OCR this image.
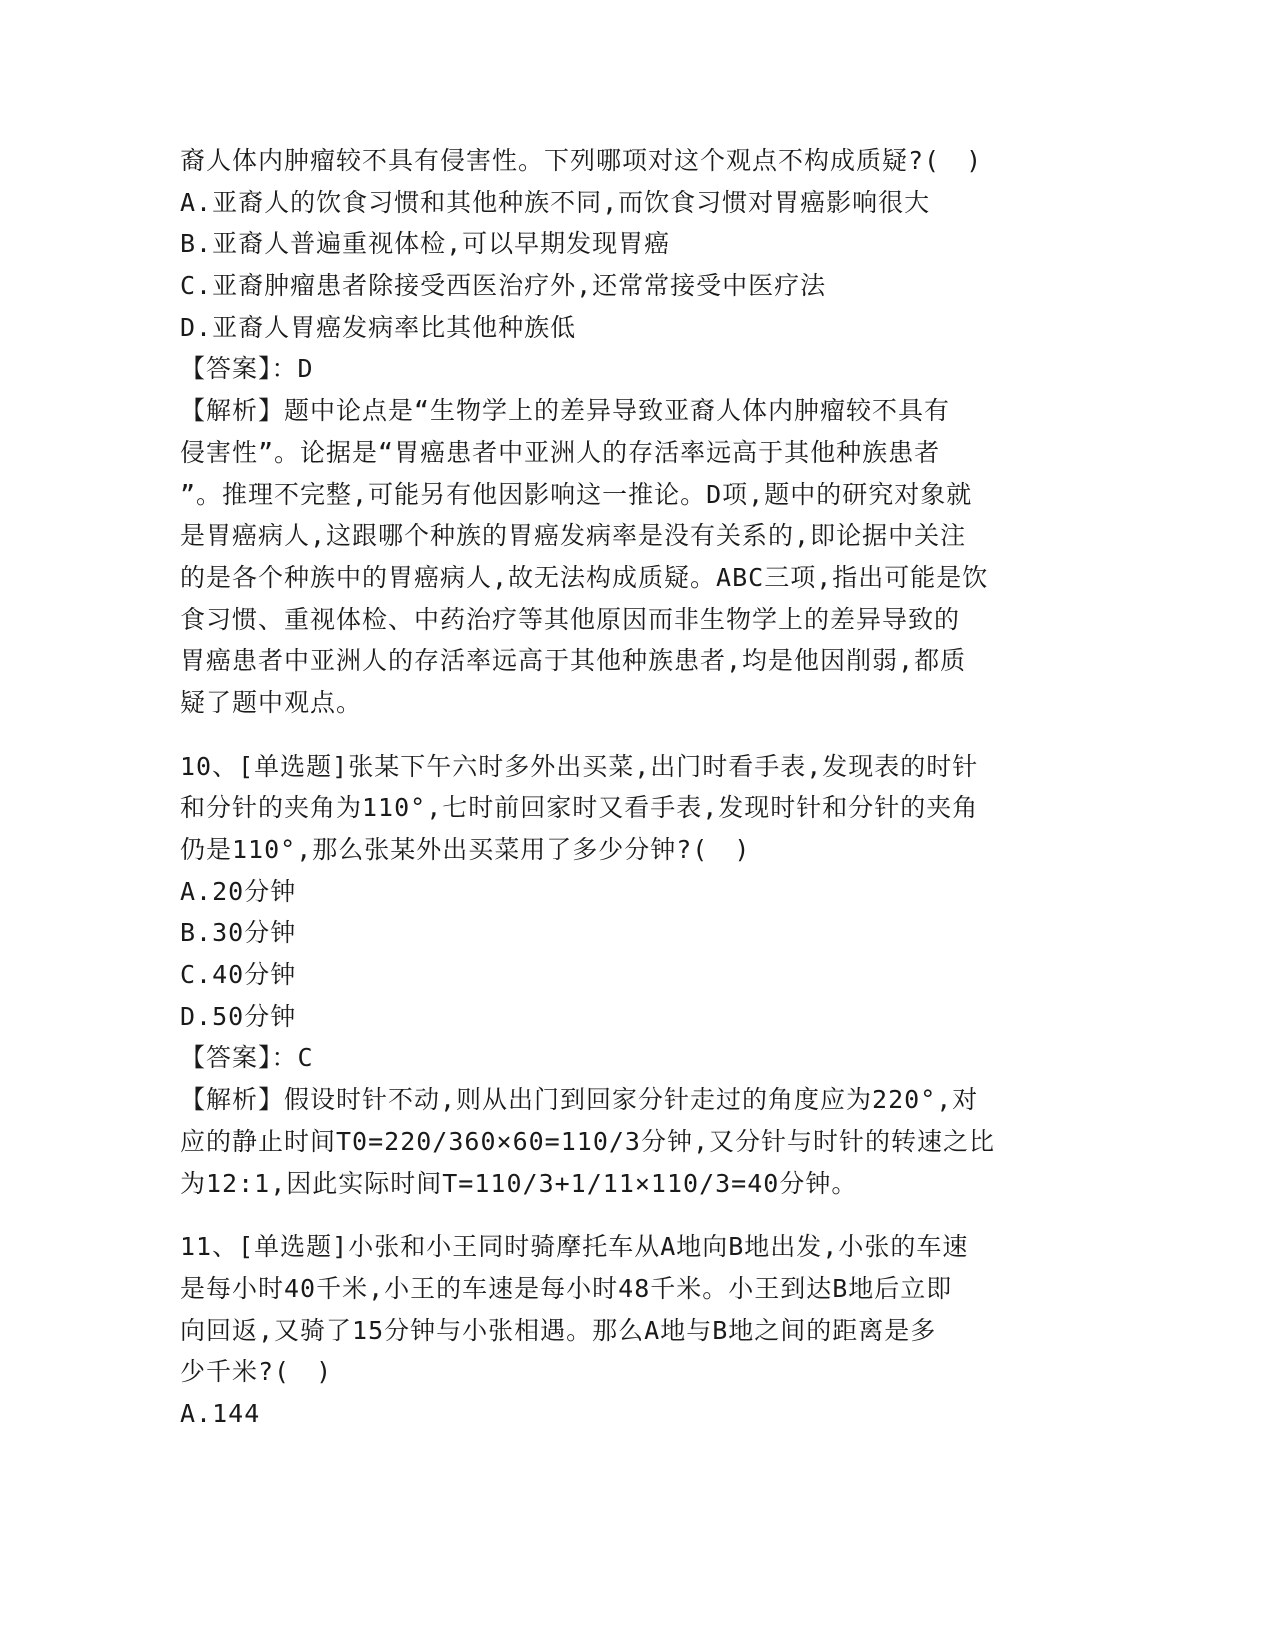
裔人体内肿瘤较不具有侵害性。下列哪项对这个观点不构成质疑?(　)
A.亚裔人的饮食习惯和其他种族不同,而饮食习惯对胃癌影响很大
B.亚裔人普遍重视体检,可以早期发现胃癌
C.亚裔肿瘤患者除接受西医治疗外,还常常接受中医疗法
D.亚裔人胃癌发病率比其他种族低
【答案】：D
【解析】题中论点是“生物学上的差异导致亚裔人体内肿瘤较不具有
侵害性”。论据是“胃癌患者中亚洲人的存活率远高于其他种族患者
”。推理不完整,可能另有他因影响这一推论。D项,题中的研究对象就
是胃癌病人,这跟哪个种族的胃癌发病率是没有关系的,即论据中关注
的是各个种族中的胃癌病人,故无法构成质疑。ABC三项,指出可能是饮
食习惯、重视体检、中药治疗等其他原因而非生物学上的差异导致的
胃癌患者中亚洲人的存活率远高于其他种族患者,均是他因削弱,都质
疑了题中观点。
10、[单选题]张某下午六时多外出买菜,出门时看手表,发现表的时针
和分针的夹角为110°,七时前回家时又看手表,发现时针和分针的夹角
仍是110°,那么张某外出买菜用了多少分钟?(　)
A.20分钟
B.30分钟
C.40分钟
D.50分钟
【答案】：C
【解析】假设时针不动,则从出门到回家分针走过的角度应为220°,对
应的静止时间T0=220/360×60=110/3分钟,又分针与时针的转速之比
为12:1,因此实际时间T=110/3+1/11×110/3=40分钟。
11、[单选题]小张和小王同时骑摩托车从A地向B地出发,小张的车速
是每小时40千米,小王的车速是每小时48千米。小王到达B地后立即
向回返,又骑了15分钟与小张相遇。那么A地与B地之间的距离是多
少千米?(　)
A.144
